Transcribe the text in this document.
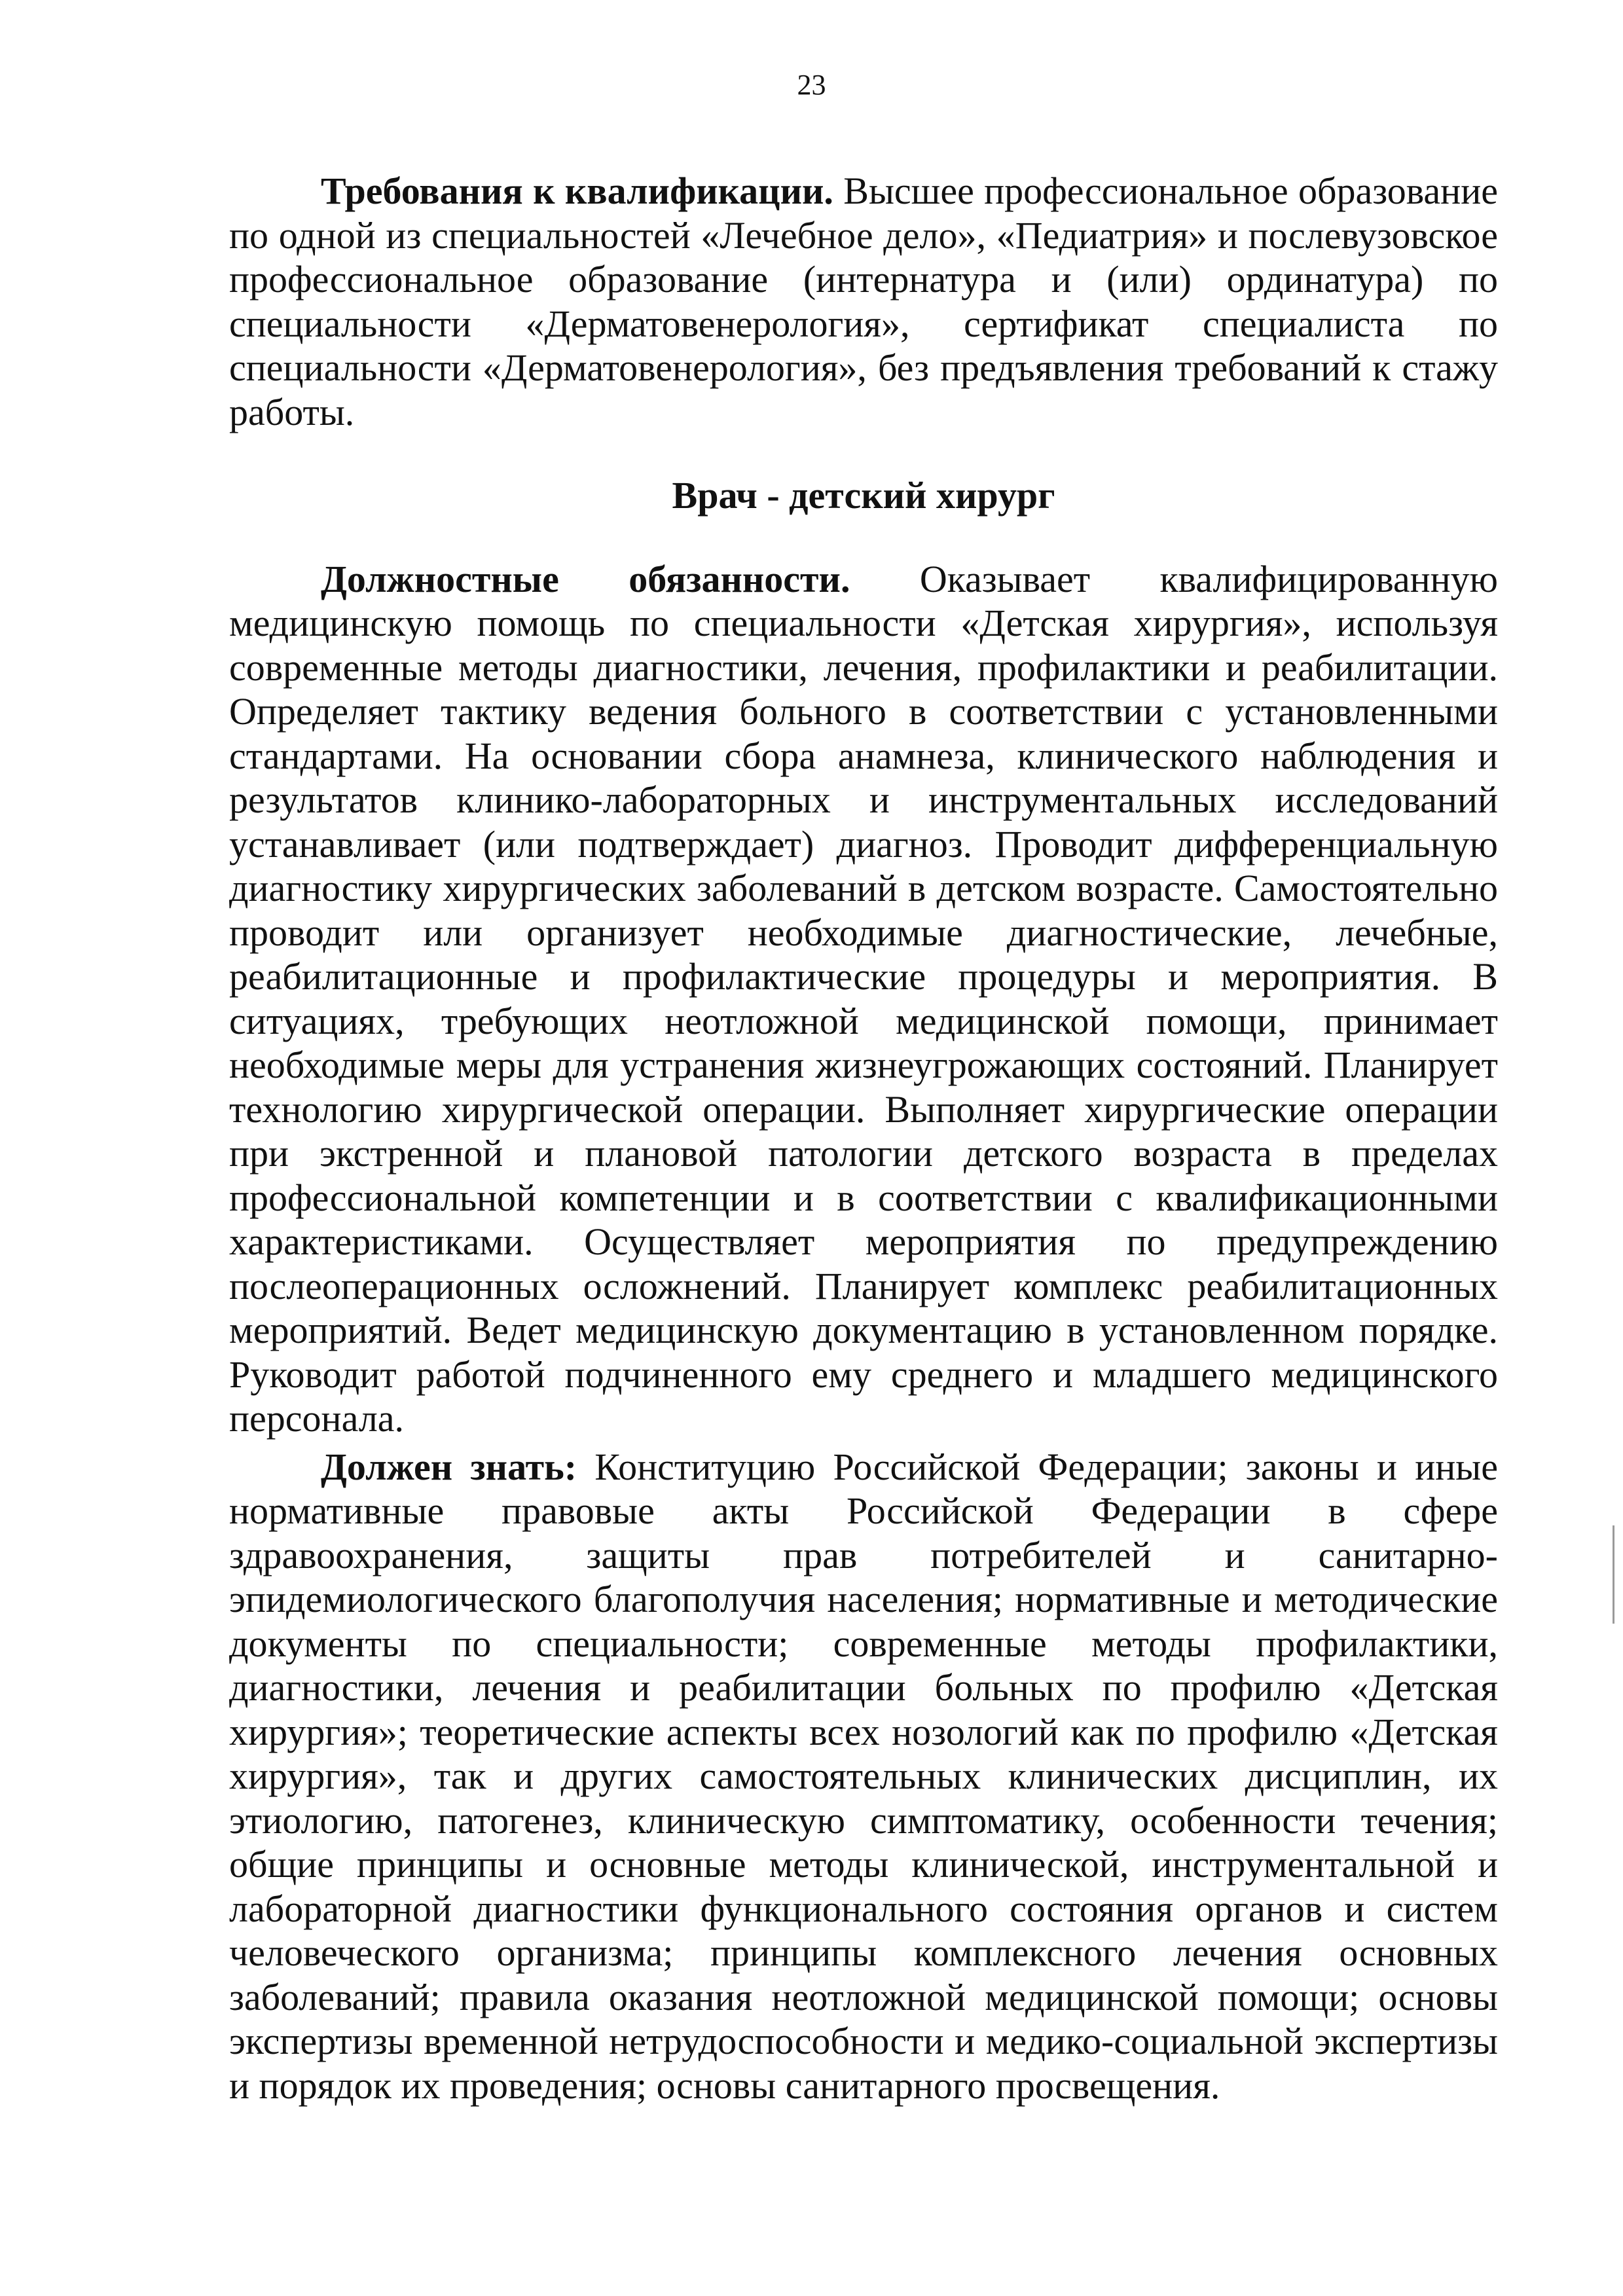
23

Требования к квалификации. Высшее профессиональное образование по одной из специальностей «Лечебное дело», «Педиатрия» и послевузовское профессиональное образование (интернатура и (или) ординатура) по специальности «Дерматовенерология», сертификат специалиста по специальности «Дерматовенерология», без предъявления требований к стажу работы.

Врач - детский хирург

Должностные обязанности. Оказывает квалифицированную медицинскую помощь по специальности «Детская хирургия», используя современные методы диагностики, лечения, профилактики и реабилитации. Определяет тактику ведения больного в соответствии с установленными стандартами. На основании сбора анамнеза, клинического наблюдения и результатов клинико-лабораторных и инструментальных исследований устанавливает (или подтверждает) диагноз. Проводит дифференциальную диагностику хирургических заболеваний в детском возрасте. Самостоятельно проводит или организует необходимые диагностические, лечебные, реабилитационные и профилактические процедуры и мероприятия. В ситуациях, требующих неотложной медицинской помощи, принимает необходимые меры для устранения жизнеугрожающих состояний. Планирует технологию хирургической операции. Выполняет хирургические операции при экстренной и плановой патологии детского возраста в пределах профессиональной компетенции и в соответствии с квалификационными характеристиками. Осуществляет мероприятия по предупреждению послеоперационных осложнений. Планирует комплекс реабилитационных мероприятий. Ведет медицинскую документацию в установленном порядке. Руководит работой подчиненного ему среднего и младшего медицинского персонала.

Должен знать: Конституцию Российской Федерации; законы и иные нормативные правовые акты Российской Федерации в сфере здравоохранения, защиты прав потребителей и санитарно-эпидемиологического благополучия населения; нормативные и методические документы по специальности; современные методы профилактики, диагностики, лечения и реабилитации больных по профилю «Детская хирургия»; теоретические аспекты всех нозологий как по профилю «Детская хирургия», так и других самостоятельных клинических дисциплин, их этиологию, патогенез, клиническую симптоматику, особенности течения; общие принципы и основные методы клинической, инструментальной и лабораторной диагностики функционального состояния органов и систем человеческого организма; принципы комплексного лечения основных заболеваний; правила оказания неотложной медицинской помощи; основы экспертизы временной нетрудоспособности и медико-социальной экспертизы и порядок их проведения; основы санитарного просвещения.
